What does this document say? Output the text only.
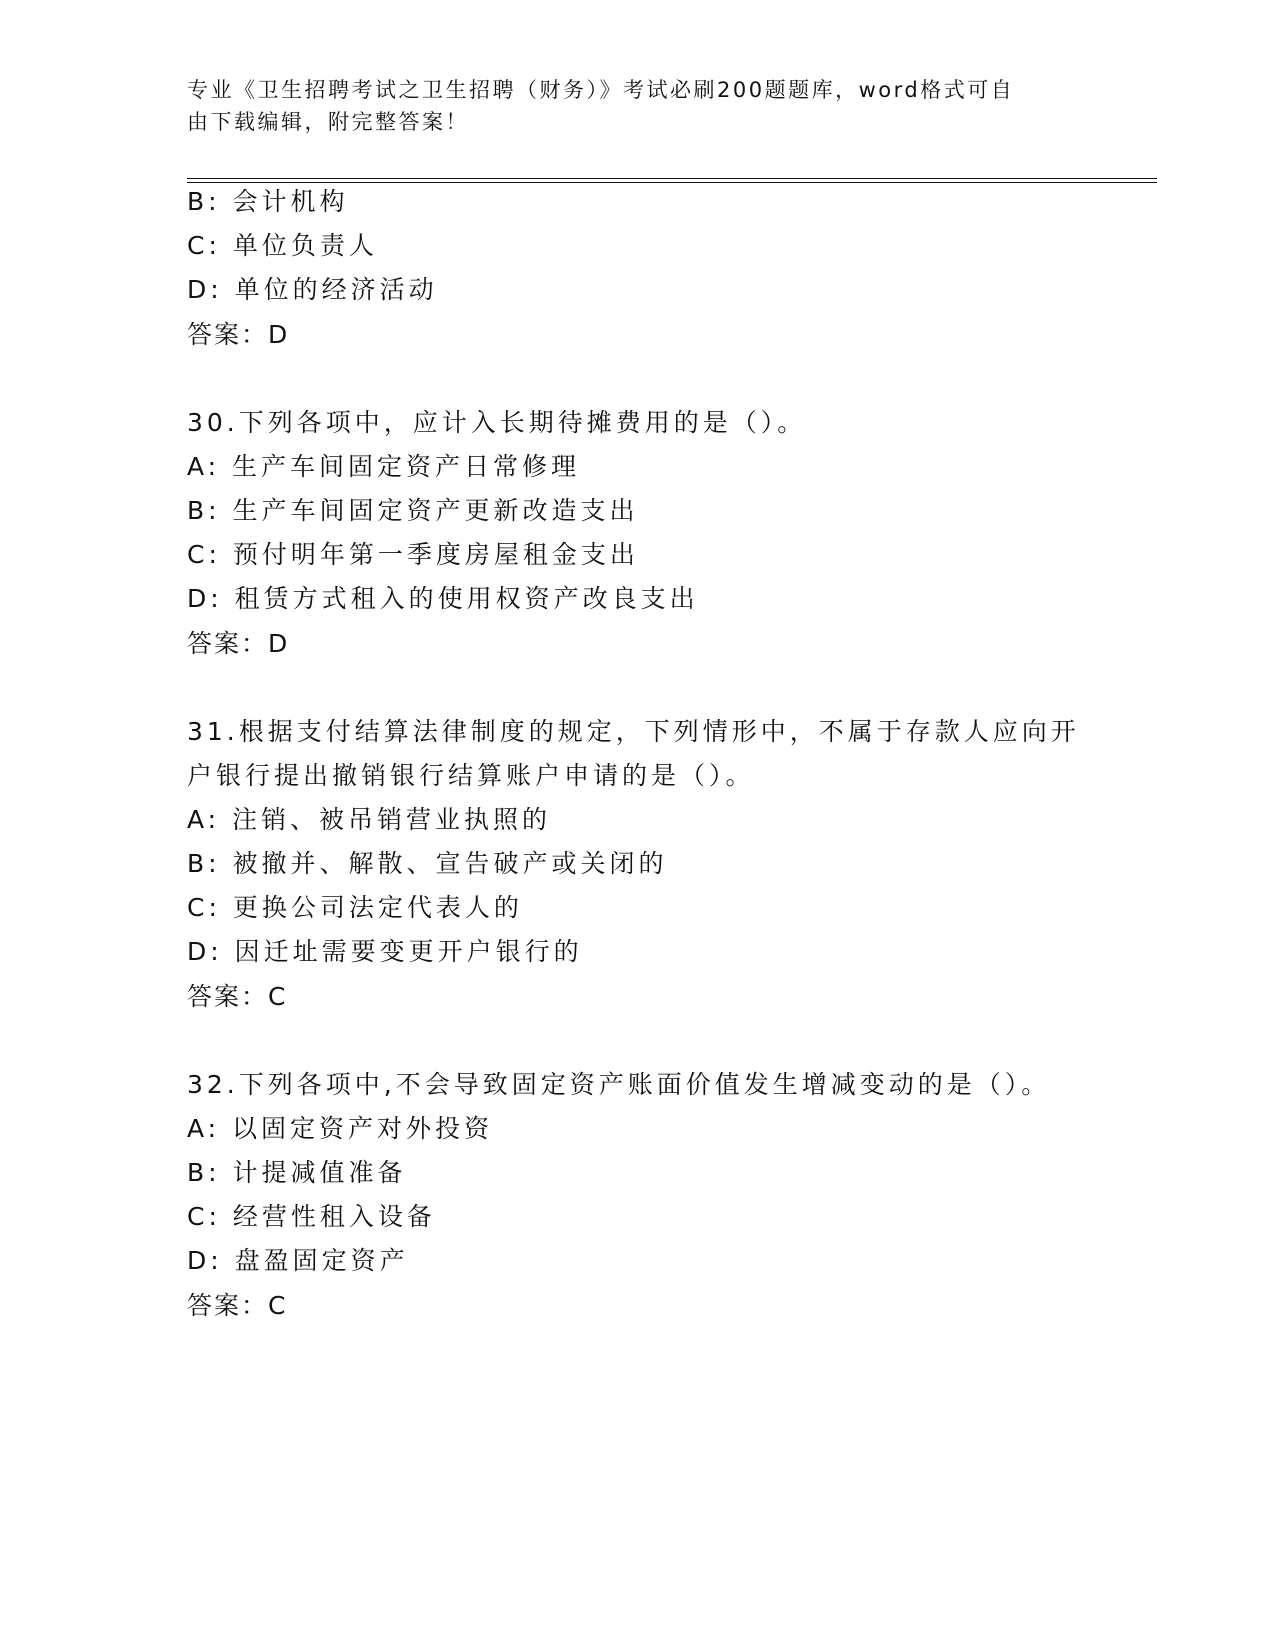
专业《卫生招聘考试之卫生招聘（财务）》考试必刷200题题库，word格式可自
由下载编辑，附完整答案！
B: 会计机构
C: 单位负责人
D: 单位的经济活动
答案：D
30.下列各项中，应计入长期待摊费用的是（）。
A: 生产车间固定资产日常修理
B: 生产车间固定资产更新改造支出
C: 预付明年第一季度房屋租金支出
D: 租赁方式租入的使用权资产改良支出
答案：D
31.根据支付结算法律制度的规定，下列情形中，不属于存款人应向开
户银行提出撤销银行结算账户申请的是（）。
A: 注销、被吊销营业执照的
B: 被撤并、解散、宣告破产或关闭的
C: 更换公司法定代表人的
D: 因迁址需要变更开户银行的
答案：C
32.下列各项中,不会导致固定资产账面价值发生增减变动的是（）。
A: 以固定资产对外投资
B: 计提减值准备
C: 经营性租入设备
D: 盘盈固定资产
答案：C
